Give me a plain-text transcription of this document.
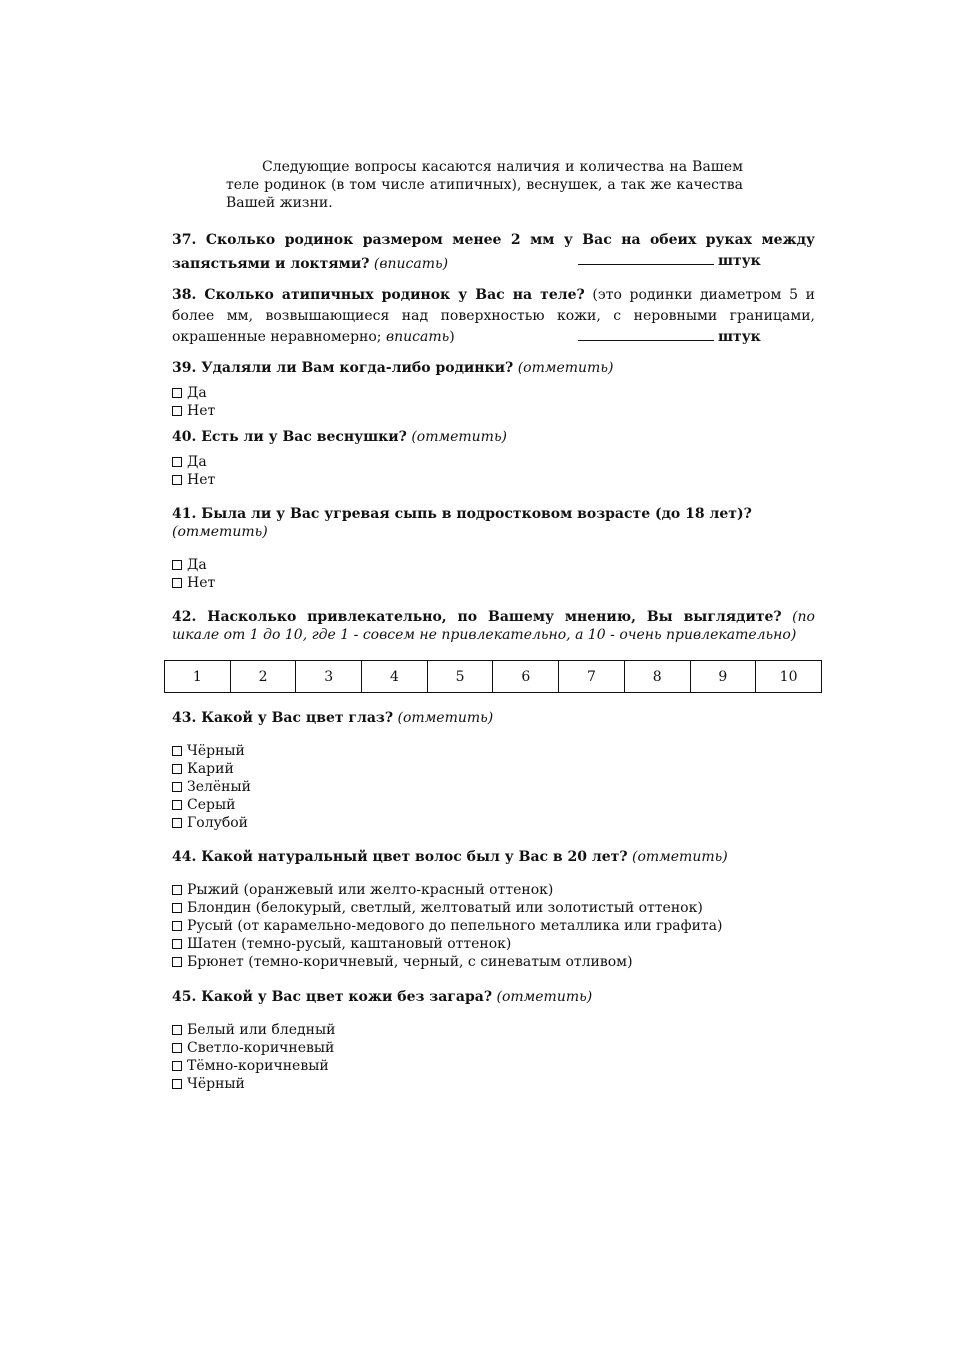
Следующие вопросы касаются наличия и количества на Вашем теле родинок (в том числе атипичных), веснушек, а так же качества Вашей жизни.
37. Сколько родинок размером менее 2 мм у Вас на обеих руках между запястьями и локтями? (вписать)	штук
38. Сколько атипичных родинок у Вас на теле? (это родинки диаметром 5 и более мм, возвышающиеся над поверхностью кожи, с неровными границами, окрашенные неравномерно; вписать)	штук
39. Удаляли ли Вам когда-либо родинки? (отметить)
Да
Нет
40. Есть ли у Вас веснушки? (отметить)
Да
Нет
41. Была ли у Вас угревая сыпь в подростковом возрасте (до 18 лет)?
(отметить)
Да
Нет
42. Насколько привлекательно, по Вашему мнению, Вы выглядите? (по шкале от 1 до 10, где 1 - совсем не привлекательно, а 10 - очень привлекательно)
1	2	3	4	5	6	7	8	9	10
43. Какой у Вас цвет глаз? (отметить)
Чёрный
Карий
Зелёный
Серый
Голубой
44. Какой натуральный цвет волос был у Вас в 20 лет? (отметить)
Рыжий (оранжевый или желто-красный оттенок)
Блондин (белокурый, светлый, желтоватый или золотистый оттенок)
Русый (от карамельно-медового до пепельного металлика или графита)
Шатен (темно-русый, каштановый оттенок)
Брюнет (темно-коричневый, черный, с синеватым отливом)
45. Какой у Вас цвет кожи без загара? (отметить)
Белый или бледный
Светло-коричневый
Тёмно-коричневый
Чёрный
